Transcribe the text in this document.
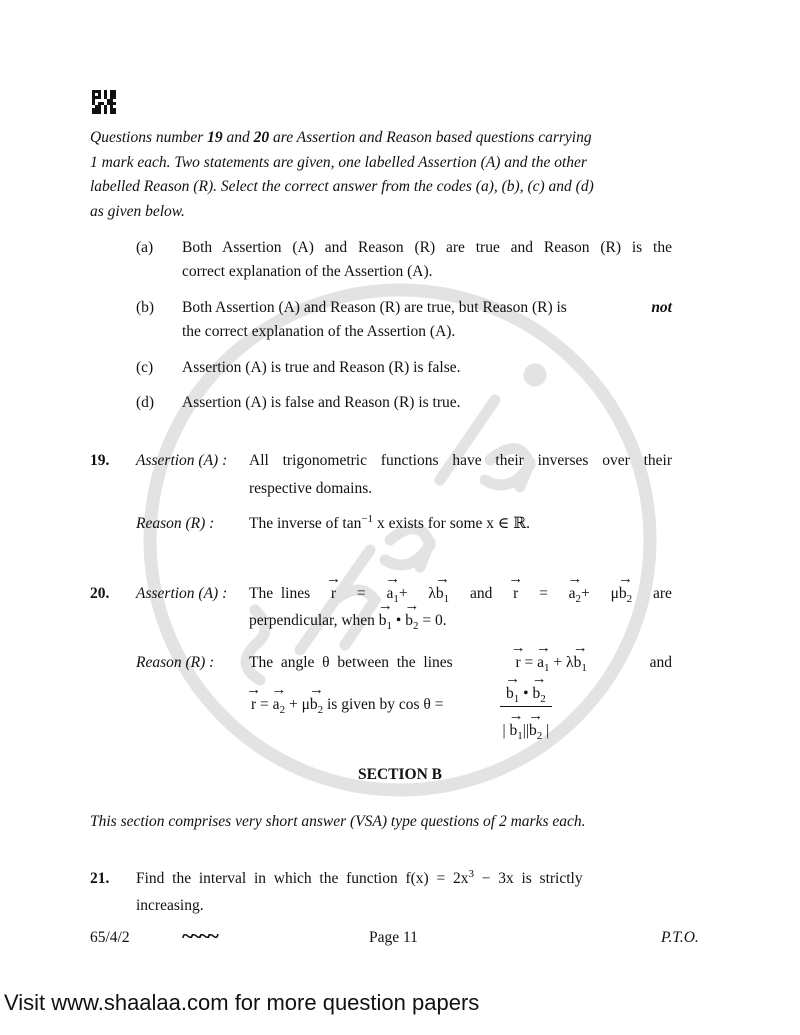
Questions number 19 and 20 are Assertion and Reason based questions carrying
1 mark each. Two statements are given, one labelled Assertion (A) and the other
labelled Reason (R). Select the correct answer from the codes (a), (b), (c) and (d)
as given below.
(a) Both Assertion (A) and Reason (R) are true and Reason (R) is the
correct explanation of the Assertion (A).
(b) Both Assertion (A) and Reason (R) are true, but Reason (R) is	not
the correct explanation of the Assertion (A).
(c) Assertion (A) is true and Reason (R) is false.
(d) Assertion (A) is false and Reason (R) is true.
19. Assertion (A) : All trigonometric functions have their inverses over their
respective domains.
Reason (R) : The inverse of $\tan^{-1} x$ exists for some x ∈ ℝ.
20. Assertion (A) : The  lines → r = → $a_1+ \lambda\to b_1$ and → r = → $a_2+ \mu\to b_2$ are
perpendicular, when → $b_1$ • → $b_2 = 0$.
Reason (R) : The  angle  θ  between  the  lines	→ r = → $a_1 + \lambda\to b_1$	and
→ r = → $a_2 + \mu\to b_2$ is given by cos θ =	→ $\frac{b_1 • \to b_2}{| \to b_1||\to b_2 |}$
SECTION B
This section comprises very short answer (VSA) type questions of 2 marks each.
21. Find  the  interval  in  which  the  function  $f(x) = 2x^3 - 3x$  is  strictly
increasing.
65/4/2 ~~~~	Page 11	P.T.O.
Visit www.shaalaa.com for more question papers
